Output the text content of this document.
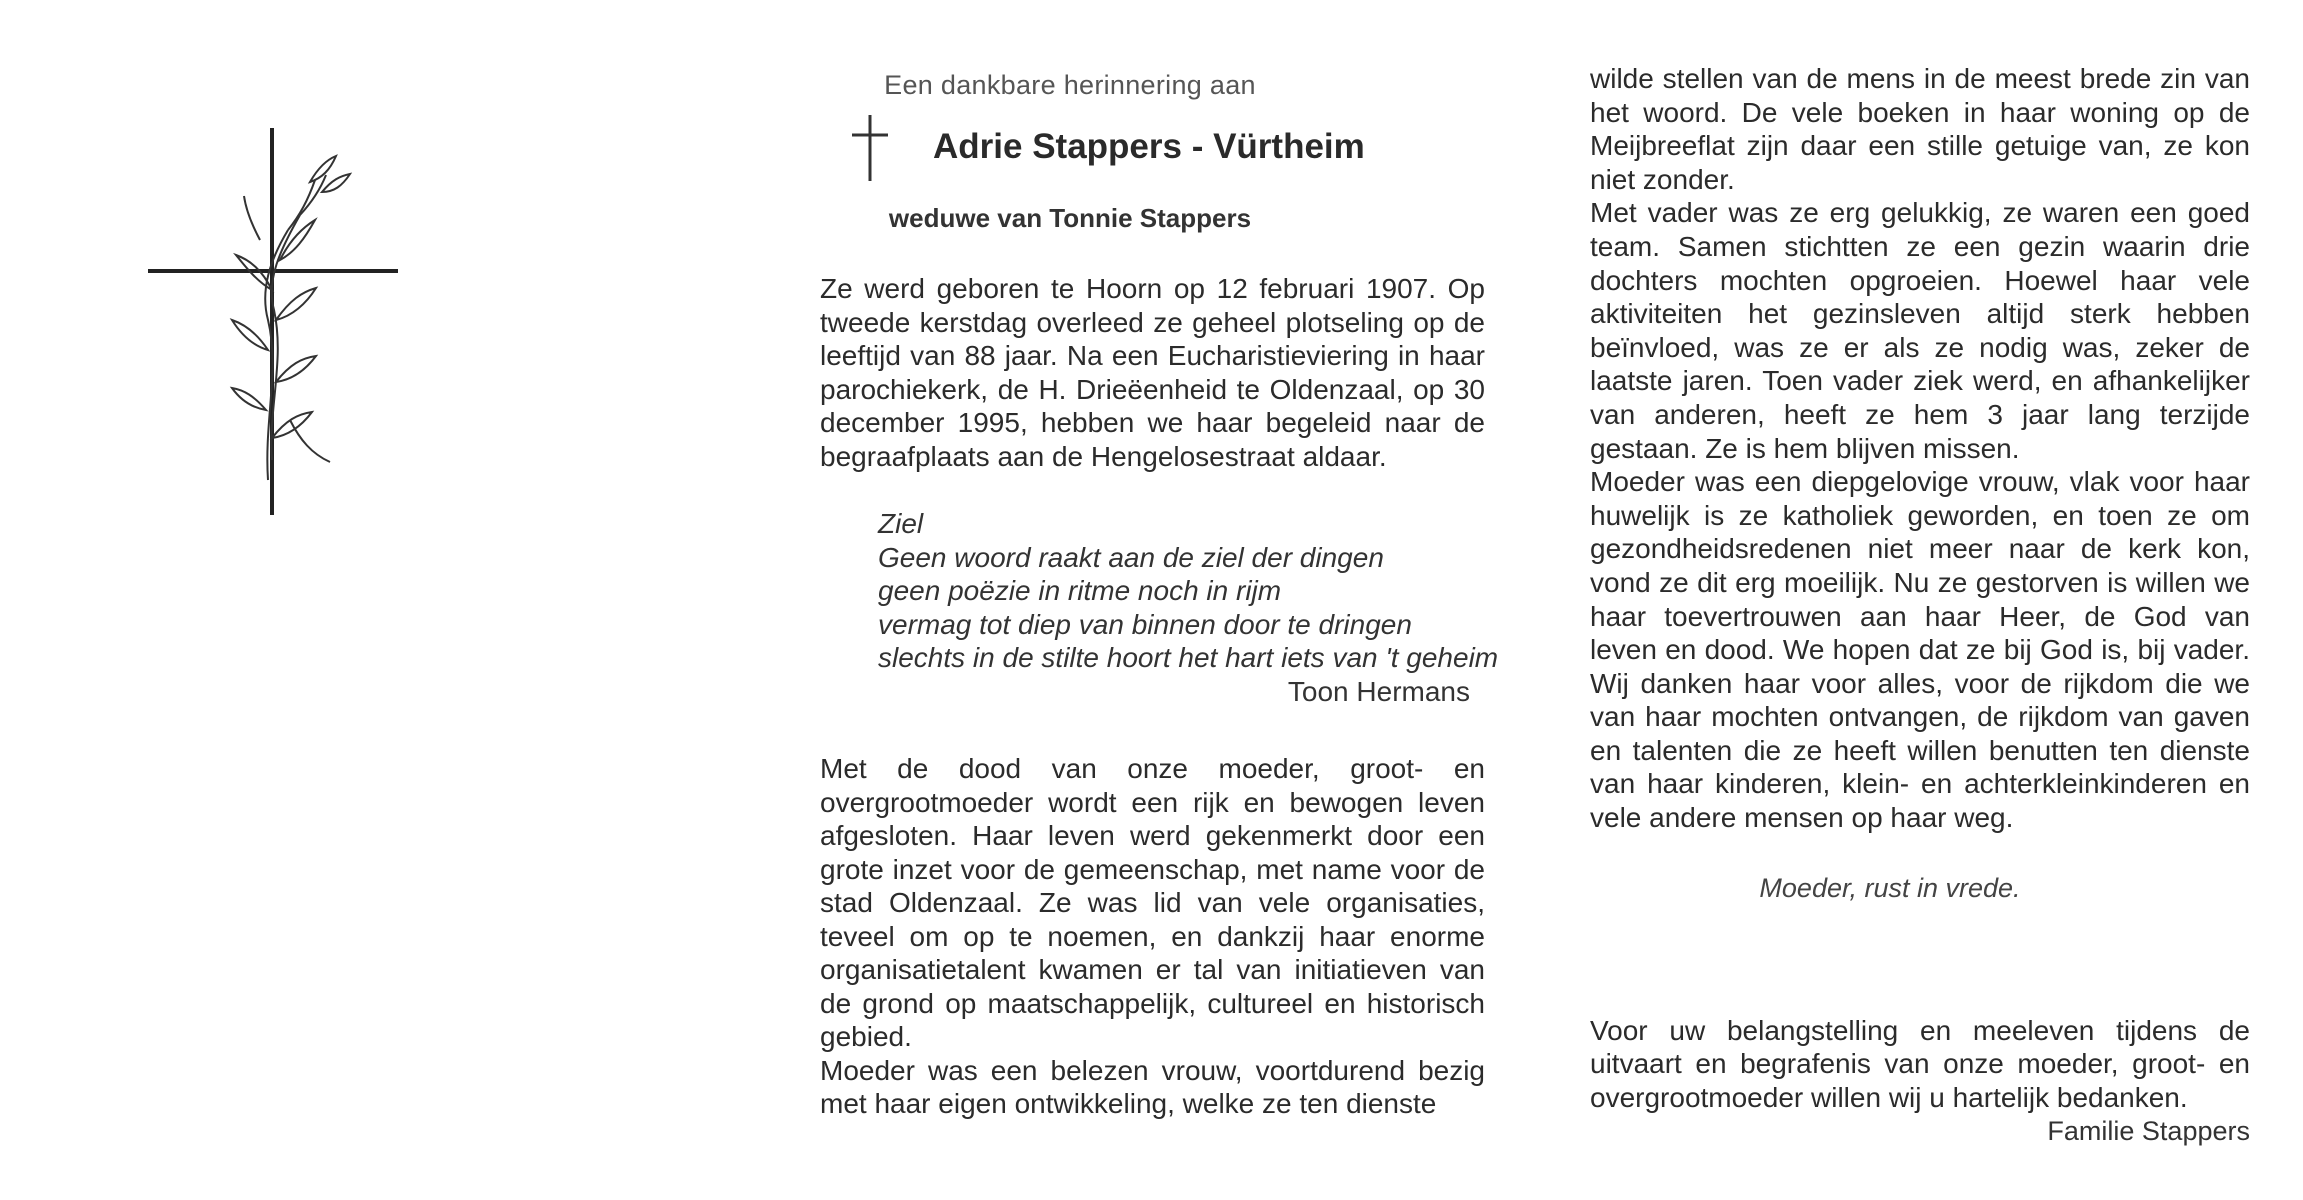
Een dankbare herinnering aan
Adrie Stappers - Vürtheim
weduwe van Tonnie Stappers
Ze werd geboren te Hoorn op 12 februari 1907. Op tweede kerstdag overleed ze geheel plotseling op de leeftijd van 88 jaar. Na een Eucharistieviering in haar parochiekerk, de H. Drieëenheid te Oldenzaal, op 30 december 1995, hebben we haar begeleid naar de begraafplaats aan de Hengelosestraat aldaar.
Ziel
Geen woord raakt aan de ziel der dingen
geen poëzie in ritme noch in rijm
vermag tot diep van binnen door te dringen
slechts in de stilte hoort het hart iets van 't geheim
Toon Hermans
Met de dood van onze moeder, groot- en overgrootmoeder wordt een rijk en bewogen leven afgesloten. Haar leven werd gekenmerkt door een grote inzet voor de gemeenschap, met name voor de stad Oldenzaal. Ze was lid van vele organisaties, teveel om op te noemen, en dankzij haar enorme organisatietalent kwamen er tal van initiatieven van de grond op maatschappelijk, cultureel en historisch gebied.
Moeder was een belezen vrouw, voortdurend bezig met haar eigen ontwikkeling, welke ze ten dienste
wilde stellen van de mens in de meest brede zin van het woord. De vele boeken in haar woning op de Meijbreeflat zijn daar een stille getuige van, ze kon niet zonder.
Met vader was ze erg gelukkig, ze waren een goed team. Samen stichtten ze een gezin waarin drie dochters mochten opgroeien. Hoewel haar vele aktiviteiten het gezinsleven altijd sterk hebben beïnvloed, was ze er als ze nodig was, zeker de laatste jaren. Toen vader ziek werd, en afhankelijker van anderen, heeft ze hem 3 jaar lang terzijde gestaan. Ze is hem blijven missen.
Moeder was een diepgelovige vrouw, vlak voor haar huwelijk is ze katholiek geworden, en toen ze om gezondheidsredenen niet meer naar de kerk kon, vond ze dit erg moeilijk. Nu ze gestorven is willen we haar toevertrouwen aan haar Heer, de God van leven en dood. We hopen dat ze bij God is, bij vader. Wij danken haar voor alles, voor de rijkdom die we van haar mochten ontvangen, de rijkdom van gaven en talenten die ze heeft willen benutten ten dienste van haar kinderen, klein- en achterkleinkinderen en vele andere mensen op haar weg.
Moeder, rust in vrede.
Voor uw belangstelling en meeleven tijdens de uitvaart en begrafenis van onze moeder, groot- en overgrootmoeder willen wij u hartelijk bedanken.
Familie Stappers
